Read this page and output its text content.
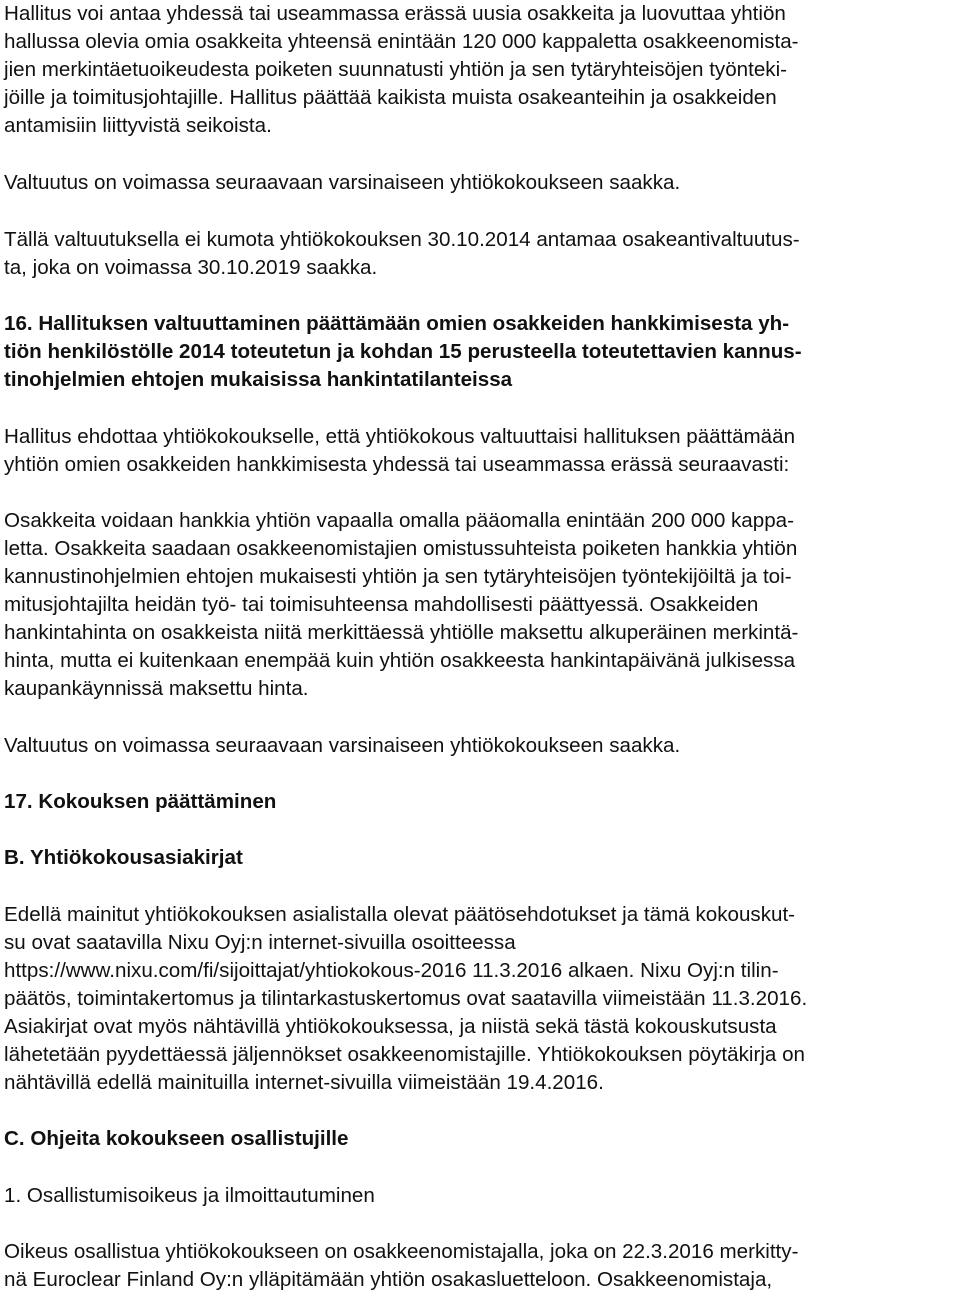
Hallitus voi antaa yhdessä tai useammassa erässä uusia osakkeita ja luovuttaa yhtiön

hallussa olevia omia osakkeita yhteensä enintään 120 000 kappaletta osakkeenomista-

jien merkintäetuoikeudesta poiketen suunnatusti yhtiön ja sen tytäryhteisöjen työnteki-

jöille ja toimitusjohtajille. Hallitus päättää kaikista muista osakeanteihin ja osakkeiden

antamisiin liittyvistä seikoista.

Valtuutus on voimassa seuraavaan varsinaiseen yhtiökokoukseen saakka.

Tällä valtuutuksella ei kumota yhtiökokouksen 30.10.2014 antamaa osakeantivaltuutus-

ta, joka on voimassa 30.10.2019 saakka.

16. Hallituksen valtuuttaminen päättämään omien osakkeiden hankkimisesta yh-

tiön henkilöstölle 2014 toteutetun ja kohdan 15 perusteella toteutettavien kannus-

tinohjelmien ehtojen mukaisissa hankintatilanteissa

Hallitus ehdottaa yhtiökokoukselle, että yhtiökokous valtuuttaisi hallituksen päättämään

yhtiön omien osakkeiden hankkimisesta yhdessä tai useammassa erässä seuraavasti:

Osakkeita voidaan hankkia yhtiön vapaalla omalla pääomalla enintään 200 000 kappa-

letta. Osakkeita saadaan osakkeenomistajien omistussuhteista poiketen hankkia yhtiön

kannustinohjelmien ehtojen mukaisesti yhtiön ja sen tytäryhteisöjen työntekijöiltä ja toi-

mitusjohtajilta heidän työ- tai toimisuhteensa mahdollisesti päättyessä. Osakkeiden

hankintahinta on osakkeista niitä merkittäessä yhtiölle maksettu alkuperäinen merkintä-

hinta, mutta ei kuitenkaan enempää kuin yhtiön osakkeesta hankintapäivänä julkisessa

kaupankäynnissä maksettu hinta.

Valtuutus on voimassa seuraavaan varsinaiseen yhtiökokoukseen saakka.

17. Kokouksen päättäminen

B. Yhtiökokousasiakirjat

Edellä mainitut yhtiökokouksen asialistalla olevat päätösehdotukset ja tämä kokouskut-

su ovat saatavilla Nixu Oyj:n internet-sivuilla osoitteessa

https://www.nixu.com/fi/sijoittajat/yhtiokokous-2016 11.3.2016 alkaen. Nixu Oyj:n tilin-

päätös, toimintakertomus ja tilintarkastuskertomus ovat saatavilla viimeistään 11.3.2016.

Asiakirjat ovat myös nähtävillä yhtiökokouksessa, ja niistä sekä tästä kokouskutsusta

lähetetään pyydettäessä jäljennökset osakkeenomistajille. Yhtiökokouksen pöytäkirja on

nähtävillä edellä mainituilla internet-sivuilla viimeistään 19.4.2016.

C. Ohjeita kokoukseen osallistujille

1. Osallistumisoikeus ja ilmoittautuminen

Oikeus osallistua yhtiökokoukseen on osakkeenomistajalla, joka on 22.3.2016 merkitty-

nä Euroclear Finland Oy:n ylläpitämään yhtiön osakasluetteloon. Osakkeenomistaja,
